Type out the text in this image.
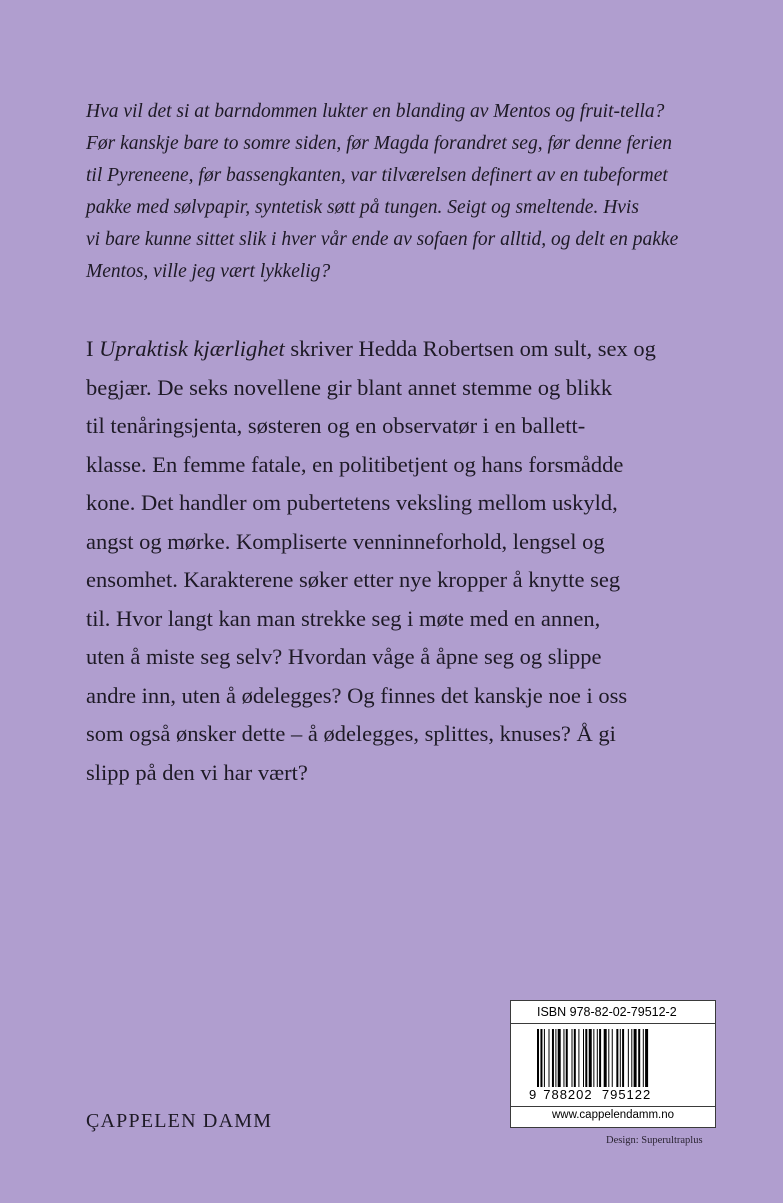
Hva vil det si at barndommen lukter en blanding av Mentos og fruit-tella?

Før kanskje bare to somre siden, før Magda forandret seg, før denne ferien

til Pyreneene, før bassengkanten, var tilværelsen definert av en tubeformet

pakke med sølvpapir, syntetisk søtt på tungen. Seigt og smeltende. Hvis

vi bare kunne sittet slik i hver vår ende av sofaen for alltid, og delt en pakke

Mentos, ville jeg vært lykkelig?

I Upraktisk kjærlighet skriver Hedda Robertsen om sult, sex og

begjær. De seks novellene gir blant annet stemme og blikk

til tenåringsjenta, søsteren og en observatør i en ballett-

klasse. En femme fatale, en politibetjent og hans forsmådde

kone. Det handler om pubertetens veksling mellom uskyld,

angst og mørke. Kompliserte venninneforhold, lengsel og

ensomhet. Karakterene søker etter nye kropper å knytte seg

til. Hvor langt kan man strekke seg i møte med en annen,

uten å miste seg selv? Hvordan våge å åpne seg og slippe

andre inn, uten å ødelegges? Og finnes det kanskje noe i oss

som også ønsker dette – å ødelegges, splittes, knuses? Å gi

slipp på den vi har vært?

ISBN 978-82-02-79512-2
9 788202 795122
www.cappelendamm.no
ÇAPPELEN DAMM
Design: Superultraplus
